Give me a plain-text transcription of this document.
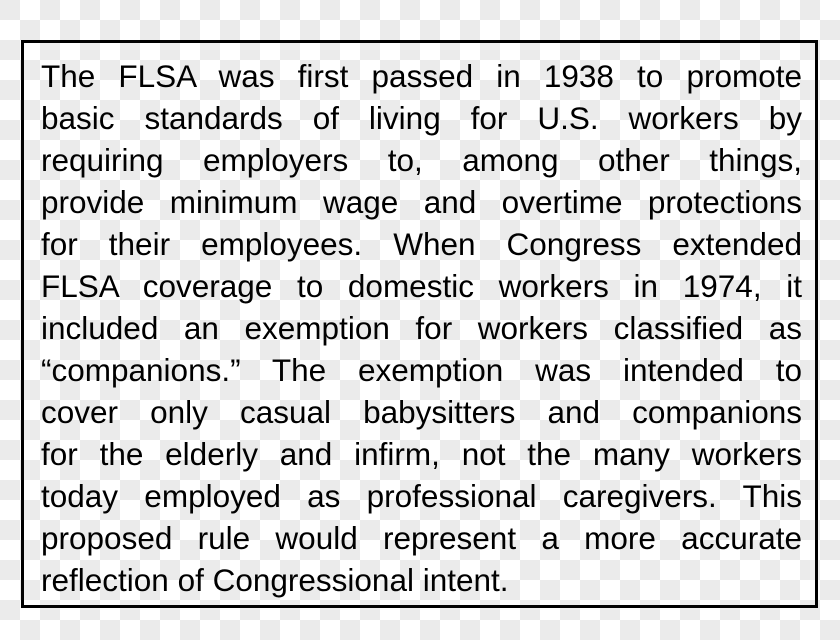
The FLSA was first passed in 1938 to promote
basic standards of living for U.S. workers by
requiring employers to, among other things,
provide minimum wage and overtime protections
for their employees. When Congress extended
FLSA coverage to domestic workers in 1974, it
included an exemption for workers classified as
“companions.” The exemption was intended to
cover only casual babysitters and companions
for the elderly and infirm, not the many workers
today employed as professional caregivers. This
proposed rule would represent a more accurate
reflection of Congressional intent.
